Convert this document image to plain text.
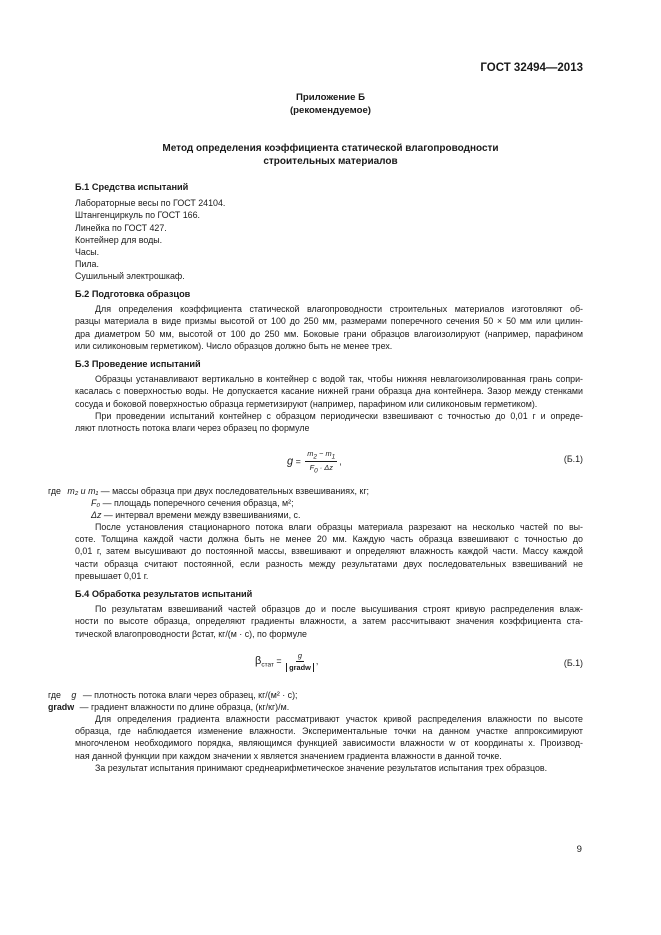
ГОСТ 32494—2013
Приложение Б
(рекомендуемое)
Метод определения коэффициента статической влагопроводности
строительных материалов
Б.1 Средства испытаний
Лабораторные весы по ГОСТ 24104.
Штангенциркуль по ГОСТ 166.
Линейка по ГОСТ 427.
Контейнер для воды.
Часы.
Пила.
Сушильный электрошкаф.
Б.2 Подготовка образцов
Для определения коэффициента статической влагопроводности строительных материалов изготовляют об-
разцы материала в виде призмы высотой от 100 до 250 мм, размерами поперечного сечения 50 × 50 мм или цилин-
дра диаметром 50 мм, высотой от 100 до 250 мм. Боковые грани образцов влагоизолируют (например, парафином
или силиконовым герметиком). Число образцов должно быть не менее трех.
Б.3 Проведение испытаний
Образцы устанавливают вертикально в контейнер с водой так, чтобы нижняя невлагоизолированная грань сопри-
касалась с поверхностью воды. Не допускается касание нижней грани образца дна контейнера. Зазор между стенками
сосуда и боковой поверхностью образца герметизируют (например, парафином или силиконовым герметиком).
При проведении испытаний контейнер с образцом периодически взвешивают с точностью до 0,01 г и опреде-
ляют плотность потока влаги через образец по формуле
$g = \frac{m_2 - m_1}{F_0 \cdot \Delta z}$ ,	(Б.1)
где m₂ и m₁ — массы образца при двух последовательных взвешиваниях, кг;
F₀ — площадь поперечного сечения образца, м²;
Δz — интервал времени между взвешиваниями, с.
После установления стационарного потока влаги образцы материала разрезают на несколько частей по вы-
соте. Толщина каждой части должна быть не менее 20 мм. Каждую часть образца взвешивают с точностью до
0,01 г, затем высушивают до постоянной массы, взвешивают и определяют влажность каждой части. Массу каждой
части образца считают постоянной, если разность между результатами двух последовательных взвешиваний не
превышает 0,01 г.
Б.4 Обработка результатов испытаний
По результатам взвешиваний частей образцов до и после высушивания строят кривую распределения влаж-
ности по высоте образца, определяют градиенты влажности, а затем рассчитывают значения коэффициента ста-
тической влагопроводности βстат, кг/(м · с), по формуле
$\beta_{стат} = \frac{g}{\text{gradw}}$ ,	(Б.1)
где g — плотность потока влаги через образец, кг/(м² · с);
gradw — градиент влажности по длине образца, (кг/кг)/м.
Для определения градиента влажности рассматривают участок кривой распределения влажности по высоте
образца, где наблюдается изменение влажности. Экспериментальные точки на данном участке аппроксимируют
многочленом необходимого порядка, являющимся функцией зависимости влажности w от координаты x. Производ-
ная данной функции при каждом значении x является значением градиента влажности в данной точке.
За результат испытания принимают среднеарифметическое значение результатов испытания трех образцов.
9
